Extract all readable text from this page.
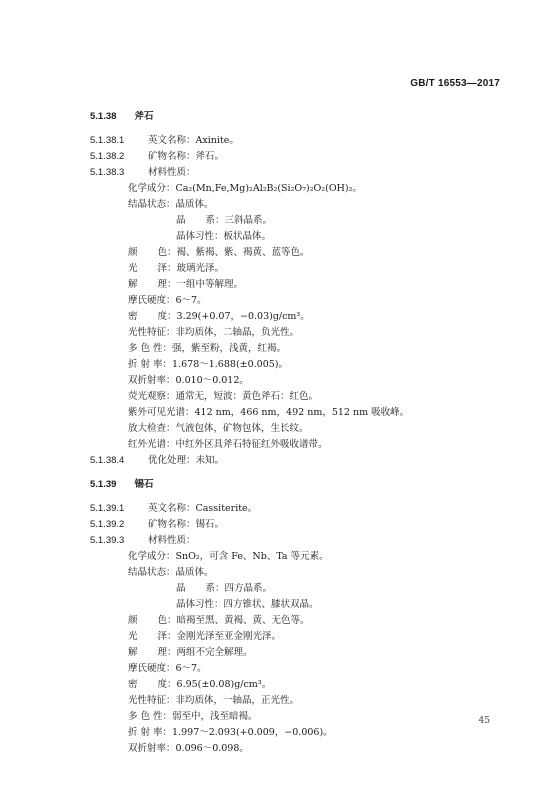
GB/T 16553—2017
5.1.38 斧石
5.1.38.1 英文名称：Axinite。
5.1.38.2 矿物名称：斧石。
5.1.38.3 材料性质：
化学成分：Ca₂(Mn,Fe,Mg)₂Al₂B₂(Si₂O₇)₂O₂(OH)₂。
结晶状态：晶质体。
晶 系：三斜晶系。
晶体习性：板状晶体。
颜 色：褐、紫褐、紫、褐黄、蓝等色。
光 泽：玻璃光泽。
解 理：一组中等解理。
摩氏硬度：6～7。
密 度：3.29(+0.07，−0.03)g/cm³。
光性特征：非均质体，二轴晶，负光性。
多 色 性：强，紫至粉，浅黄，红褐。
折 射 率：1.678～1.688(±0.005)。
双折射率：0.010～0.012。
荧光观察：通常无，短波：黄色斧石：红色。
紫外可见光谱：412 nm，466 nm，492 nm，512 nm 吸收峰。
放大检查：气液包体，矿物包体，生长纹。
红外光谱：中红外区具斧石特征红外吸收谱带。
5.1.38.4 优化处理：未知。
5.1.39 锡石
5.1.39.1 英文名称：Cassiterite。
5.1.39.2 矿物名称：锡石。
5.1.39.3 材料性质：
化学成分：SnO₂，可含 Fe、Nb、Ta 等元素。
结晶状态：晶质体。
晶 系：四方晶系。
晶体习性：四方锥状、膝状双晶。
颜 色：暗褐至黑、黄褐、黄、无色等。
光 泽：金刚光泽至亚金刚光泽。
解 理：两组不完全解理。
摩氏硬度：6～7。
密 度：6.95(±0.08)g/cm³。
光性特征：非均质体，一轴晶，正光性。
多 色 性：弱至中，浅至暗褐。
折 射 率：1.997～2.093(+0.009，−0.006)。
双折射率：0.096～0.098。
45
